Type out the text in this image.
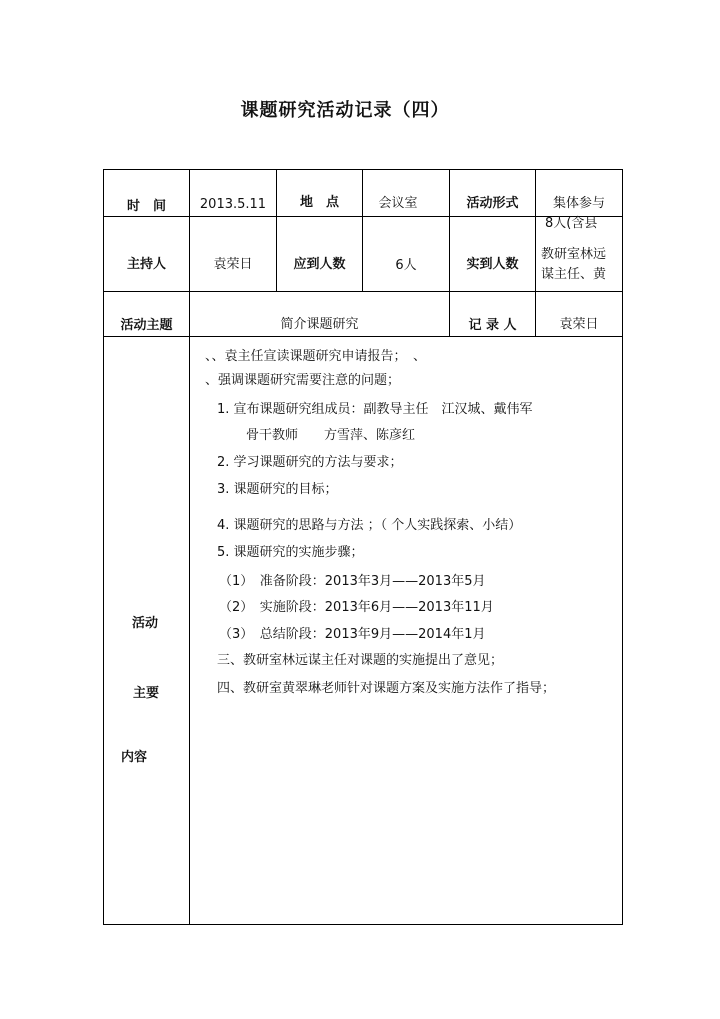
课题研究活动记录（四）
时　间	2013.5.11	地　点	会议室	活动形式	集体参与
主持人	袁荣日	应到人数	6人	实到人数
8人(含县
教研室林远
谋主任、黄
活动主题	简介课题研究	记 录 人	袁荣日
活动
主要
内容
、、袁主任宣读课题研究申请报告；　、
、强调课题研究需要注意的问题；
1. 宣布课题研究组成员：副教导主任　江汉城、戴伟军
骨干教师　　方雪萍、陈彦红
2. 学习课题研究的方法与要求；
3. 课题研究的目标；
4. 课题研究的思路与方法 ；（ 个人实践探索、小结）
5. 课题研究的实施步骤；
（1）　准备阶段：2013年3月——2013年5月
（2）　实施阶段：2013年6月——2013年11月
（3）　总结阶段：2013年9月——2014年1月
三、教研室林远谋主任对课题的实施提出了意见；
四、教研室黄翠琳老师针对课题方案及实施方法作了指导；
